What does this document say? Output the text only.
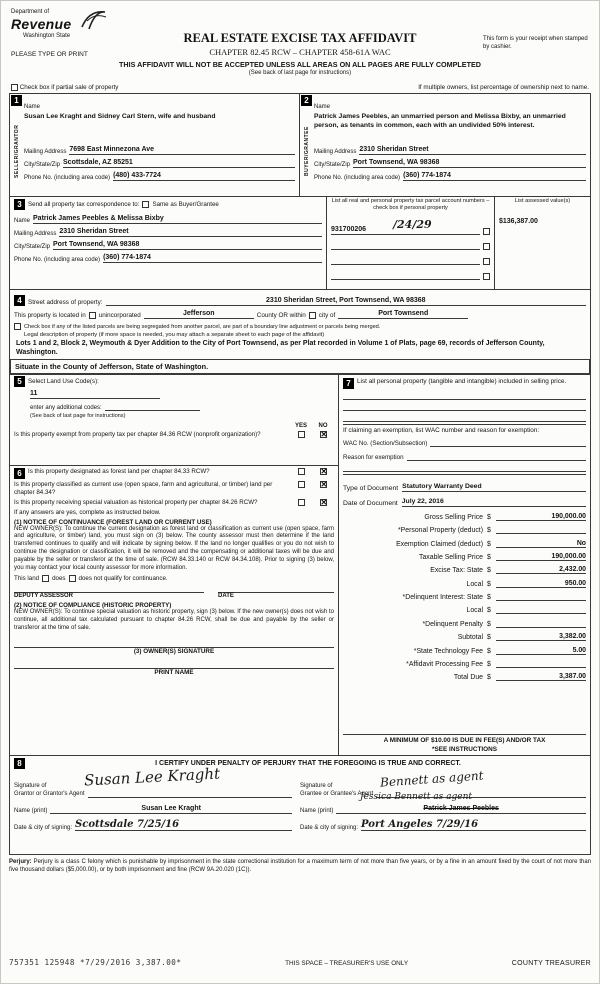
Department of
Revenue
Washington State	REAL ESTATE EXCISE TAX AFFIDAVIT
PLEASE TYPE OR PRINT	CHAPTER 82.45 RCW – CHAPTER 458-61A WAC
This form is your receipt when stamped by cashier.
THIS AFFIDAVIT WILL NOT BE ACCEPTED UNLESS ALL AREAS ON ALL PAGES ARE FULLY COMPLETED
(See back of last page for instructions)
Check box if partial sale of property	If multiple owners, list percentage of ownership next to name.
1
SELLER/GRANTOR
Name
Susan Lee Kraght and Sidney Carl Stern, wife and husband
Mailing Address 7698 East Minnezona Ave
City/State/Zip Scottsdale, AZ 85251
Phone No. (including area code) (480) 433-7724
2
BUYER/GRANTEE
Name
Patrick James Peebles, an unmarried person and Melissa Bixby, an unmarried person, as tenants in common, each with an undivided 50% interest.
Mailing Address 2310 Sheridan Street
City/State/Zip Port Townsend, WA 98368
Phone No. (including area code) (360) 774-1874
3	Send all property tax correspondence to: Same as Buyer/Grantee
Name Patrick James Peebles & Melissa Bixby
Mailing Address 2310 Sheridan Street
City/State/Zip Port Townsend, WA 98368
Phone No. (including area code) (360) 774-1874
List all real and personal property tax parcel account numbers – check box if personal property
931700206 /24/29
List assessed value(s)
$136,387.00
4 Street address of property:	2310 Sheridan Street, Port Townsend, WA 98368
This property is located in unincorporated	Jefferson	County OR within city of	Port Townsend
Check box if any of the listed parcels are being segregated from another parcel, are part of a boundary line adjustment or parcels being merged.
Legal description of property (if more space is needed, you may attach a separate sheet to each page of the affidavit)
Lots 1 and 2, Block 2, Weymouth & Dyer Addition to the City of Port Townsend, as per Plat recorded in Volume 1 of Plats, page 69, records of Jefferson County, Washington.
Situate in the County of Jefferson, State of Washington.
5	Select Land Use Code(s):
11
enter any additional codes:
(See back of last page for instructions)
YES	NO
Is this property exempt from property tax per chapter 84.36 RCW (nonprofit organization)?
✕
6	Is this property designated as forest land per chapter 84.33 RCW?
✕
Is this property classified as current use (open space, farm and agricultural, or timber) land per chapter 84.34?
✕
Is this property receiving special valuation as historical property per chapter 84.26 RCW?
✕
If any answers are yes, complete as instructed below.
(1) NOTICE OF CONTINUANCE (FOREST LAND OR CURRENT USE)
NEW OWNER(S): To continue the current designation as forest land or classification as current use (open space, farm and agriculture, or timber) land, you must sign on (3) below. The county assessor must then determine if the land transferred continues to qualify and will indicate by signing below. If the land no longer qualifies or you do not wish to continue the designation or classification, it will be removed and the compensating or additional taxes will be due and payable by the seller or transferor at the time of sale. (RCW 84.33.140 or RCW 84.34.108). Prior to signing (3) below, you may contact your local county assessor for more information.
This land does does not qualify for continuance.
DEPUTY ASSESSOR	DATE
(2) NOTICE OF COMPLIANCE (HISTORIC PROPERTY)
NEW OWNER(S): To continue special valuation as historic property, sign (3) below. If the new owner(s) does not wish to continue, all additional tax calculated pursuant to chapter 84.26 RCW, shall be due and payable by the seller or transferor at the time of sale.
(3) OWNER(S) SIGNATURE
PRINT NAME
7 List all personal property (tangible and intangible) included in selling price.
If claiming an exemption, list WAC number and reason for exemption:
WAC No. (Section/Subsection)
Reason for exemption
Type of Document Statutory Warranty Deed
Date of Document July 22, 2016
Gross Selling Price $	190,000.00
*Personal Property (deduct) $
Exemption Claimed (deduct) $	No
Taxable Selling Price $	190,000.00
Excise Tax: State $	2,432.00
Local $	950.00
*Delinquent Interest: State $
Local $
*Delinquent Penalty $
Subtotal $	3,382.00
*State Technology Fee $	5.00
*Affidavit Processing Fee $
Total Due $	3,387.00
A MINIMUM OF $10.00 IS DUE IN FEE(S) AND/OR TAX
*SEE INSTRUCTIONS
8	I CERTIFY UNDER PENALTY OF PERJURY THAT THE FOREGOING IS TRUE AND CORRECT.
Signature of
Grantor or Grantor's Agent
Susan Lee Kraght
Name (print)	Susan Lee Kraght
Date & city of signing: Scottsdale 7/25/16
Signature of
Grantee or Grantee's Agent
Bennett as agent
Name (print)	Patrick James Peebles
Jessica Bennett as agent
Date & city of signing: Port Angeles 7/29/16
Perjury: Perjury is a class C felony which is punishable by imprisonment in the state correctional institution for a maximum term of not more than five years, or by a fine in an amount fixed by the court of not more than five thousand dollars ($5,000.00), or by both imprisonment and fine (RCW 9A.20.020 (1C)).
757351 125948 *7/29/2016 3,387.00*	THIS SPACE – TREASURER'S USE ONLY	COUNTY TREASURER
